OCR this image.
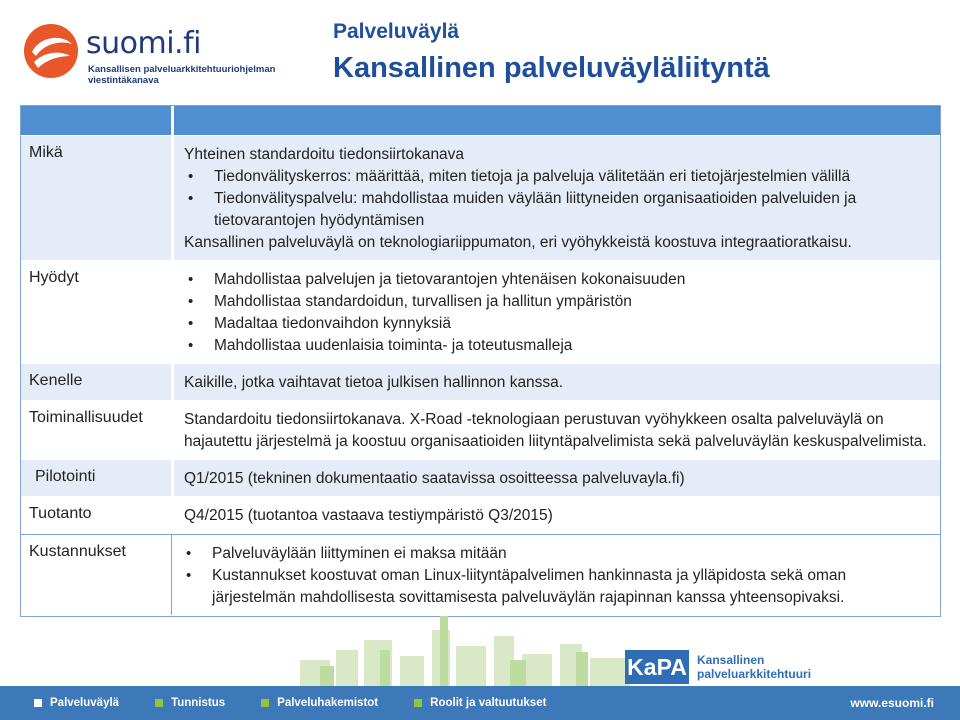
suomi.fi
Kansallisen palveluarkkitehtuuriohjelman
viestintäkanava
Palveluväylä
Kansallinen palveluväyläliityntä
Mikä	Yhteinen standardoitu tiedonsiirtokanava
• Tiedonvälityskerros: määrittää, miten tietoja ja palveluja välitetään eri tietojärjestelmien välillä
• Tiedonvälityspalvelu: mahdollistaa muiden väylään liittyneiden organisaatioiden palveluiden ja tietovarantojen hyödyntämisen
Kansallinen palveluväylä on teknologiariippumaton, eri vyöhykkeistä koostuva integraatioratkaisu.
Hyödyt	• Mahdollistaa palvelujen ja tietovarantojen yhtenäisen kokonaisuuden
• Mahdollistaa standardoidun, turvallisen ja hallitun ympäristön
• Madaltaa tiedonvaihdon kynnyksiä
• Mahdollistaa uudenlaisia toiminta- ja toteutusmalleja
Kenelle	Kaikille, jotka vaihtavat tietoa julkisen hallinnon kanssa.
Toiminallisuudet	Standardoitu tiedonsiirtokanava. X-Road -teknologiaan perustuvan vyöhykkeen osalta palveluväylä on hajautettu järjestelmä ja koostuu organisaatioiden liityntäpalvelimista sekä palveluväylän keskuspalvelimista.
Pilotointi	Q1/2015 (tekninen dokumentaatio saatavissa osoitteessa palveluvayla.fi)
Tuotanto	Q4/2015 (tuotantoa vastaava testiympäristö Q3/2015)
Kustannukset	• Palveluväylään liittyminen ei maksa mitään
• Kustannukset koostuvat oman Linux-liityntäpalvelimen hankinnasta ja ylläpidosta sekä oman järjestelmän mahdollisesta sovittamisesta palveluväylän rajapinnan kanssa yhteensopivaksi.
KaPA Kansallinen
palveluarkkitehtuuri
Palveluväylä	Tunnistus	Palveluhakemistot	Roolit ja valtuutukset	www.esuomi.fi
